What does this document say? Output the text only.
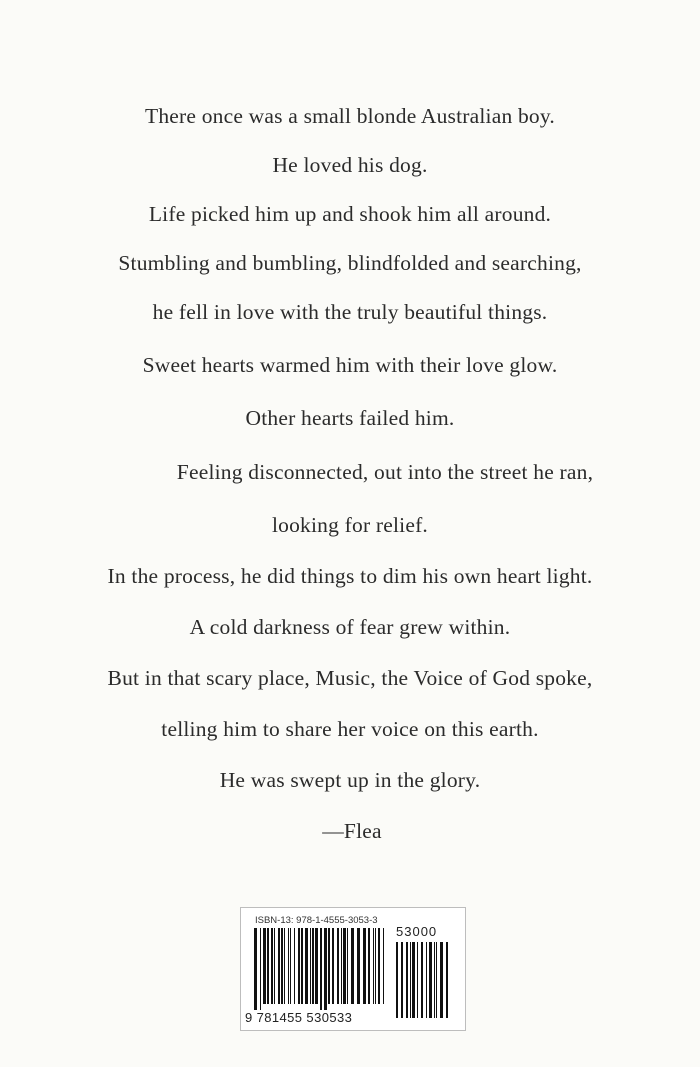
There once was a small blonde Australian boy.
He loved his dog.
Life picked him up and shook him all around.
Stumbling and bumbling, blindfolded and searching,
he fell in love with the truly beautiful things.
Sweet hearts warmed him with their love glow.
Other hearts failed him.
Feeling disconnected, out into the street he ran,
looking for relief.
In the process, he did things to dim his own heart light.
A cold darkness of fear grew within.
But in that scary place, Music, the Voice of God spoke,
telling him to share her voice on this earth.
He was swept up in the glory.
—Flea
ISBN-13: 978-1-4555-3053-3
53000
9 781455 530533
